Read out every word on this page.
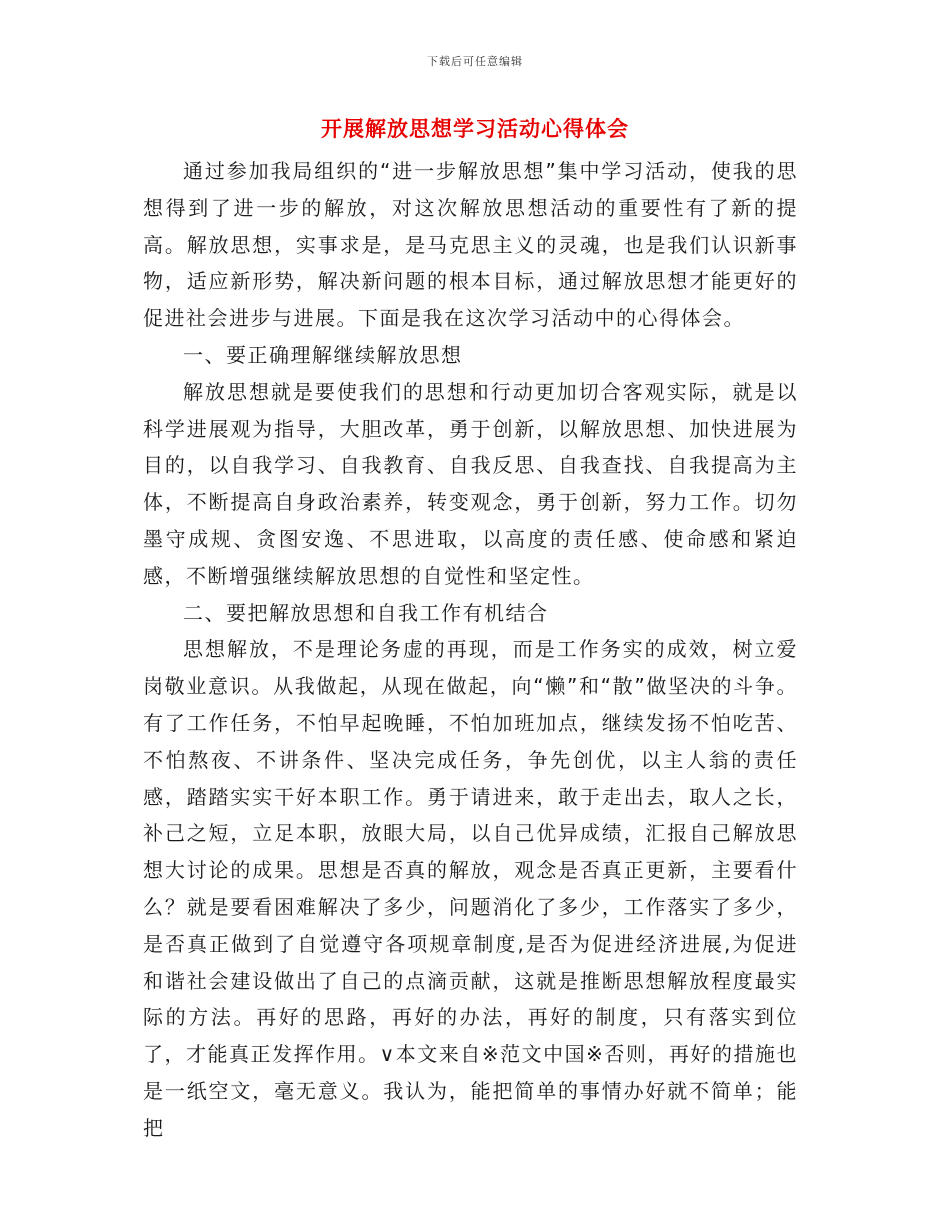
下载后可任意编辑
开展解放思想学习活动心得体会

通过参加我局组织的“进一步解放思想”集中学习活动，使我的思想得到了进一步的解放，对这次解放思想活动的重要性有了新的提高。解放思想，实事求是，是马克思主义的灵魂，也是我们认识新事物，适应新形势，解决新问题的根本目标，通过解放思想才能更好的促进社会进步与进展。下面是我在这次学习活动中的心得体会。

一、要正确理解继续解放思想

解放思想就是要使我们的思想和行动更加切合客观实际，就是以科学进展观为指导，大胆改革，勇于创新，以解放思想、加快进展为目的，以自我学习、自我教育、自我反思、自我查找、自我提高为主体，不断提高自身政治素养，转变观念，勇于创新，努力工作。切勿墨守成规、贪图安逸、不思进取，以高度的责任感、使命感和紧迫感，不断增强继续解放思想的自觉性和坚定性。

二、要把解放思想和自我工作有机结合

思想解放，不是理论务虚的再现，而是工作务实的成效，树立爱岗敬业意识。从我做起，从现在做起，向“懒”和“散”做坚决的斗争。有了工作任务，不怕早起晚睡，不怕加班加点，继续发扬不怕吃苦、不怕熬夜、不讲条件、坚决完成任务，争先创优，以主人翁的责任感，踏踏实实干好本职工作。勇于请进来，敢于走出去，取人之长，补己之短，立足本职，放眼大局，以自己优异成绩，汇报自己解放思想大讨论的成果。思想是否真的解放，观念是否真正更新，主要看什么？就是要看困难解决了多少，问题消化了多少，工作落实了多少，是否真正做到了自觉遵守各项规章制度,是否为促进经济进展,为促进和谐社会建设做出了自己的点滴贡献，这就是推断思想解放程度最实际的方法。再好的思路，再好的办法，再好的制度，只有落实到位了，才能真正发挥作用。∨本文来自※范文中国※否则，再好的措施也是一纸空文，毫无意义。我认为，能把简单的事情办好就不简单；能把
